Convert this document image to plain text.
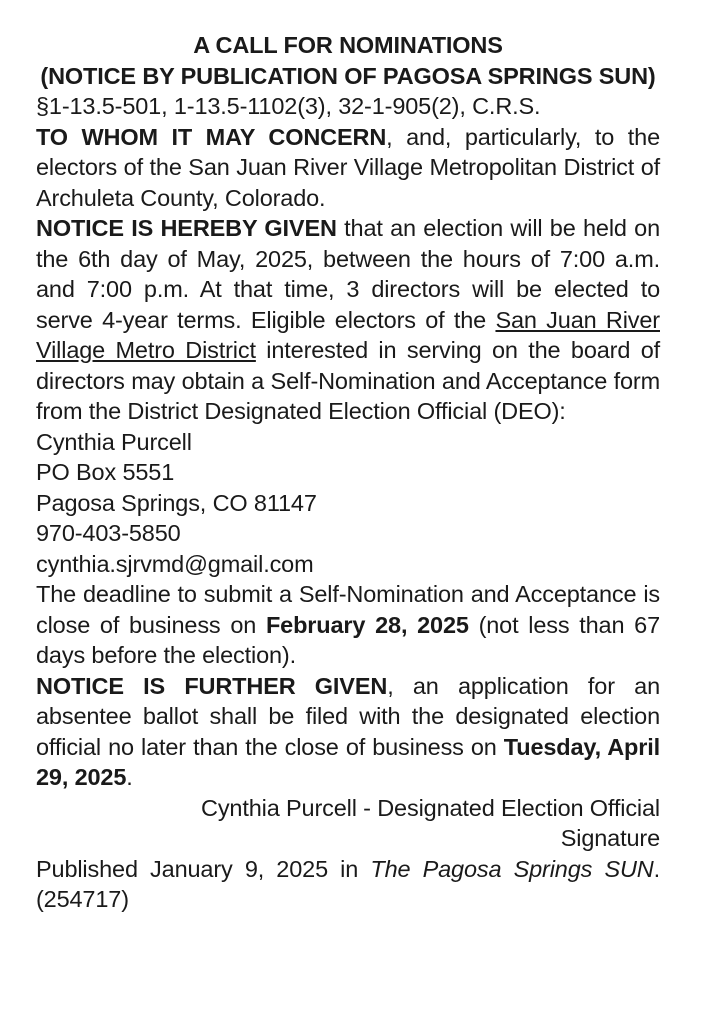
A CALL FOR NOMINATIONS
(NOTICE BY PUBLICATION OF PAGOSA SPRINGS SUN)

§1-13.5-501, 1-13.5-1102(3), 32-1-905(2), C.R.S.

TO WHOM IT MAY CONCERN, and, particularly, to the electors of the San Juan River Village Metropolitan District of Archuleta County, Colorado.

NOTICE IS HEREBY GIVEN that an election will be held on the 6th day of May, 2025, between the hours of 7:00 a.m. and 7:00 p.m. At that time, 3 directors will be elected to serve 4-year terms. Eligible electors of the San Juan River Village Metro District interested in serving on the board of directors may obtain a Self-Nomination and Acceptance form from the District Designated Election Official (DEO):

Cynthia Purcell

PO Box 5551

Pagosa Springs, CO 81147

970-403-5850

cynthia.sjrvmd@gmail.com

The deadline to submit a Self-Nomination and Acceptance is close of business on February 28, 2025 (not less than 67 days before the election).

NOTICE IS FURTHER GIVEN, an application for an absentee ballot shall be filed with the designated election official no later than the close of business on Tuesday, April 29, 2025.

Cynthia Purcell - Designated Election Official

Signature

Published January 9, 2025 in The Pagosa Springs SUN. (254717)
